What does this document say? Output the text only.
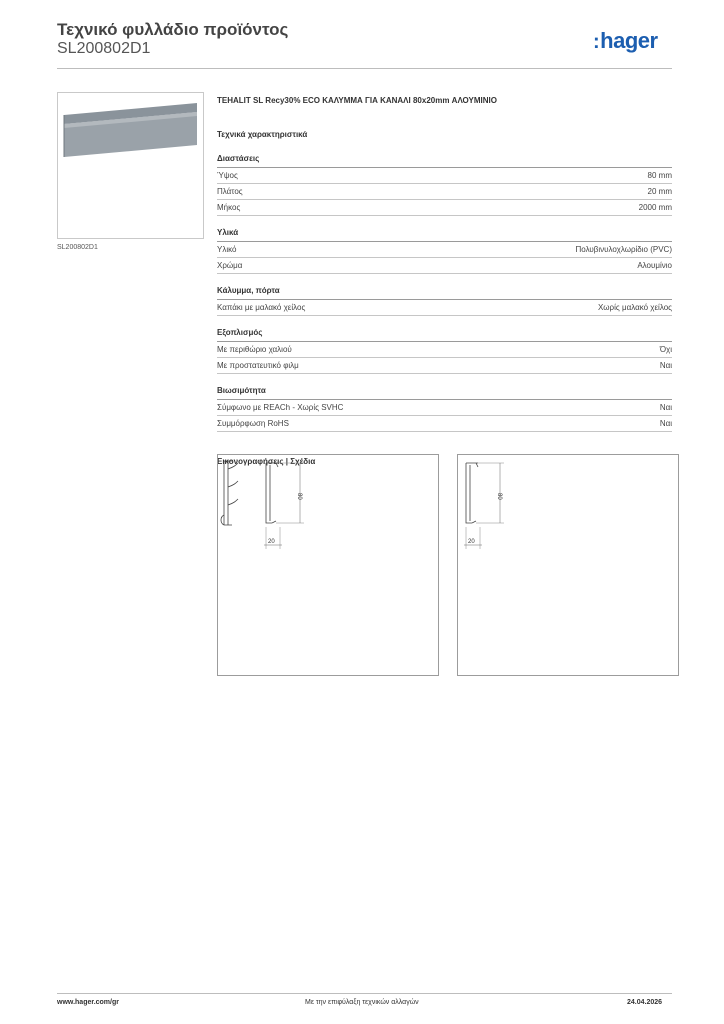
Τεχνικό φυλλάδιο προϊόντος
SL200802D1	:hager
SL200802D1
TEHALIT SL Recy30% ECO ΚΑΛΥΜΜΑ ΓΙΑ ΚΑΝΑΛΙ 80x20mm ΑΛΟΥΜΙΝΙΟ
Τεχνικά χαρακτηριστικά
Διαστάσεις
Ύψος	80 mm
Πλάτος	20 mm
Μήκος	2000 mm
Υλικά
Υλικό	Πολυβινυλοχλωρίδιο (PVC)
Χρώμα	Αλουμίνιο
Κάλυμμα, πόρτα
Καπάκι με μαλακό χείλος	Χωρίς μαλακό χείλος
Εξοπλισμός
Με περιθώριο χαλιού	Όχι
Με προστατευτικό φιλμ	Ναι
Βιωσιμότητα
Σύμφωνο με REACh - Χωρίς SVHC	Ναι
Συμμόρφωση RoHS	Ναι
Εικονογραφήσεις | Σχέδια
80
20
80
20
www.hager.com/gr	Με την επιφύλαξη τεχνικών αλλαγών	24.04.2026
